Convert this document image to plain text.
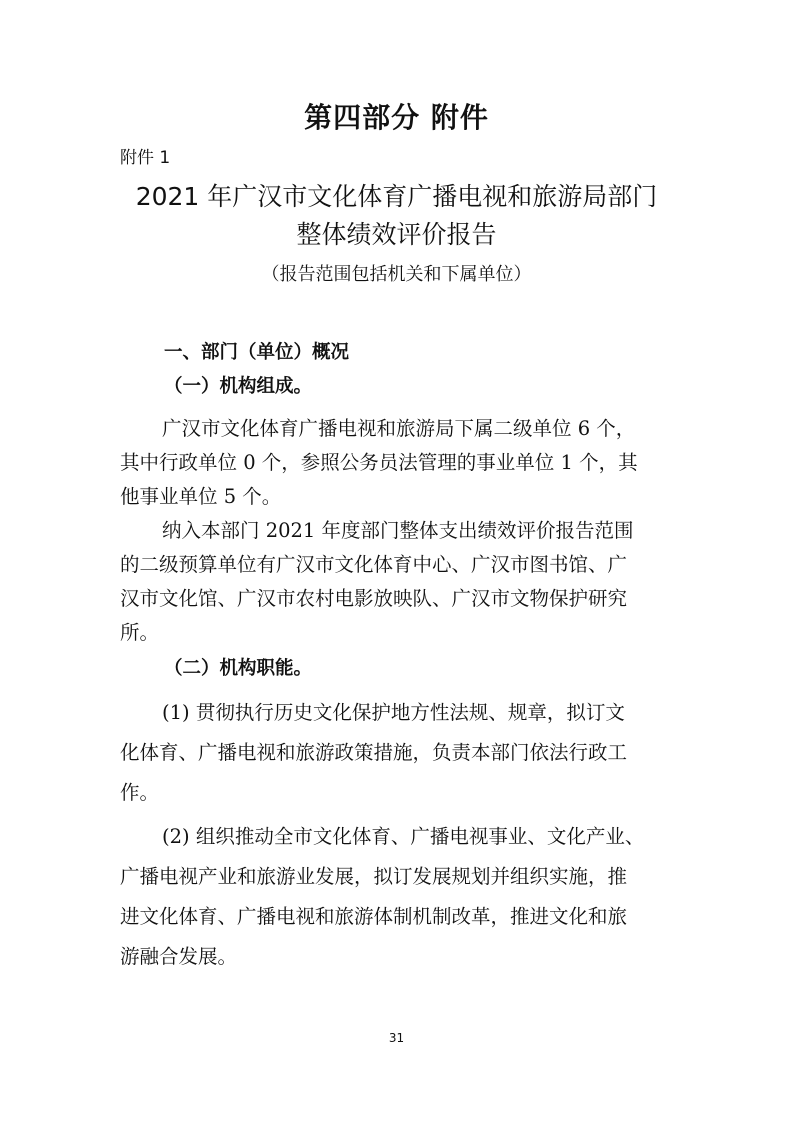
第四部分 附件
附件 1
2021 年广汉市文化体育广播电视和旅游局部门
整体绩效评价报告
（报告范围包括机关和下属单位）
一、部门（单位）概况
（一）机构组成。
广汉市文化体育广播电视和旅游局下属二级单位 6 个，
其中行政单位 0 个，参照公务员法管理的事业单位 1 个，其
他事业单位 5 个。
纳入本部门 2021 年度部门整体支出绩效评价报告范围
的二级预算单位有广汉市文化体育中心、广汉市图书馆、广
汉市文化馆、广汉市农村电影放映队、广汉市文物保护研究
所。
（二）机构职能。
(1) 贯彻执行历史文化保护地方性法规、规章，拟订文
化体育、广播电视和旅游政策措施，负责本部门依法行政工
作。
(2) 组织推动全市文化体育、广播电视事业、文化产业、
广播电视产业和旅游业发展，拟订发展规划并组织实施，推
进文化体育、广播电视和旅游体制机制改革，推进文化和旅
游融合发展。
31
